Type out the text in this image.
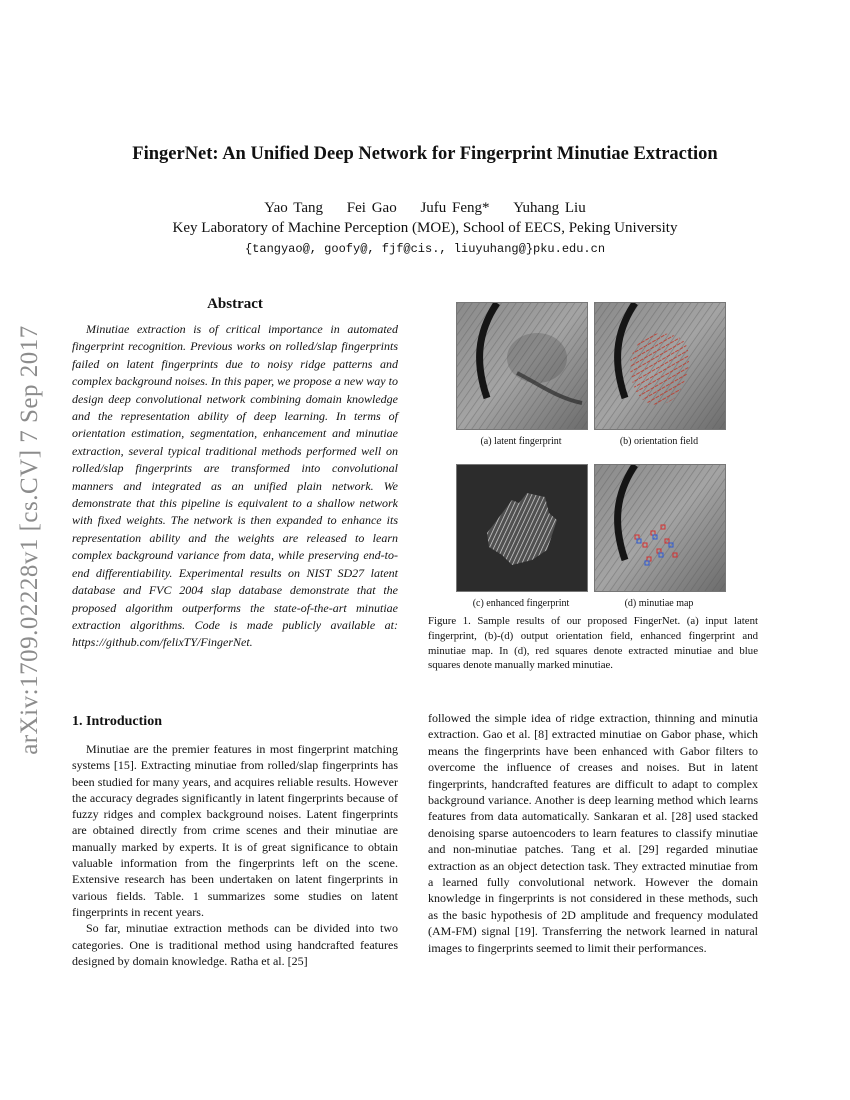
arXiv:1709.02228v1 [cs.CV] 7 Sep 2017
FingerNet: An Unified Deep Network for Fingerprint Minutiae Extraction
Yao Tang Fei Gao Jufu Feng* Yuhang Liu
Key Laboratory of Machine Perception (MOE), School of EECS, Peking University
{tangyao@, goofy@, fjf@cis., liuyuhang@}pku.edu.cn
Abstract

Minutiae extraction is of critical importance in automated fingerprint recognition. Previous works on rolled/slap fingerprints failed on latent fingerprints due to noisy ridge patterns and complex background noises. In this paper, we propose a new way to design deep convolutional network combining domain knowledge and the representation ability of deep learning. In terms of orientation estimation, segmentation, enhancement and minutiae extraction, several typical traditional methods performed well on rolled/slap fingerprints are transformed into convolutional manners and integrated as an unified plain network. We demonstrate that this pipeline is equivalent to a shallow network with fixed weights. The network is then expanded to enhance its representation ability and the weights are released to learn complex background variance from data, while preserving end-to-end differentiability. Experimental results on NIST SD27 latent database and FVC 2004 slap database demonstrate that the proposed algorithm outperforms the state-of-the-art minutiae extraction algorithms. Code is made publicly available at: https://github.com/felixTY/FingerNet.

(a) latent fingerprint	(b) orientation field
(c) enhanced fingerprint	(d) minutiae map
Figure 1. Sample results of our proposed FingerNet. (a) input latent fingerprint, (b)-(d) output orientation field, enhanced fingerprint and minutiae map. In (d), red squares denote extracted minutiae and blue squares denote manually marked minutiae.
1. Introduction

Minutiae are the premier features in most fingerprint matching systems [15]. Extracting minutiae from rolled/slap fingerprints has been studied for many years, and acquires reliable results. However the accuracy degrades significantly in latent fingerprints because of fuzzy ridges and complex background noises. Latent fingerprints are obtained directly from crime scenes and their minutiae are manually marked by experts. It is of great significance to obtain valuable information from the fingerprints left on the scene. Extensive research has been undertaken on latent fingerprints in various fields. Table. 1 summarizes some studies on latent fingerprints in recent years.

So far, minutiae extraction methods can be divided into two categories. One is traditional method using handcrafted features designed by domain knowledge. Ratha et al. [25]

followed the simple idea of ridge extraction, thinning and minutia extraction. Gao et al. [8] extracted minutiae on Gabor phase, which means the fingerprints have been enhanced with Gabor filters to overcome the influence of creases and noises. But in latent fingerprints, handcrafted features are difficult to adapt to complex background variance. Another is deep learning method which learns features from data automatically. Sankaran et al. [28] used stacked denoising sparse autoencoders to learn features to classify minutiae and non-minutiae patches. Tang et al. [29] regarded minutiae extraction as an object detection task. They extracted minutiae from a learned fully convolutional network. However the domain knowledge in fingerprints is not considered in these methods, such as the basic hypothesis of 2D amplitude and frequency modulated (AM-FM) signal [19]. Transferring the network learned in natural images to fingerprints seemed to limit their performances.
